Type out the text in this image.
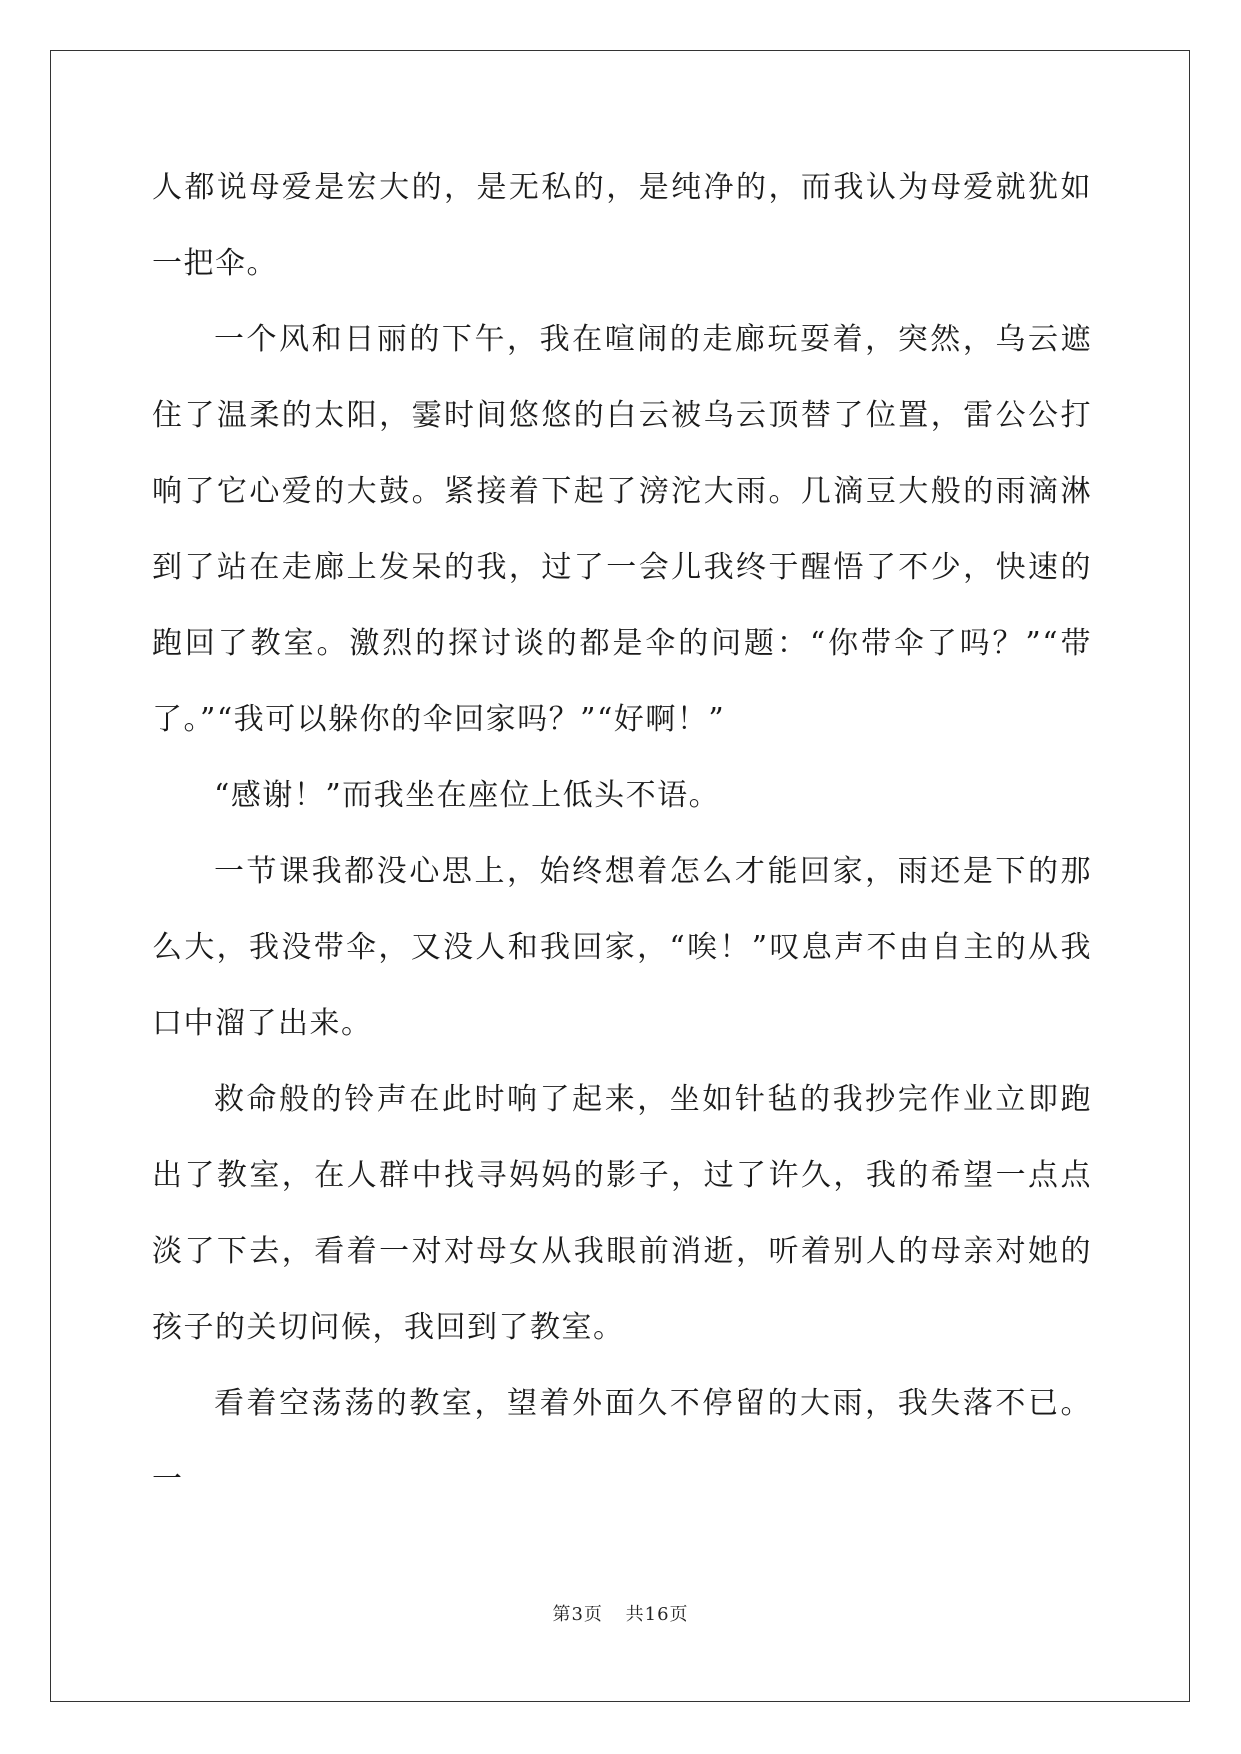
人都说母爱是宏大的，是无私的，是纯净的，而我认为母爱就犹如一把伞。

一个风和日丽的下午，我在喧闹的走廊玩耍着，突然，乌云遮住了温柔的太阳，霎时间悠悠的白云被乌云顶替了位置，雷公公打响了它心爱的大鼓。紧接着下起了滂沱大雨。几滴豆大般的雨滴淋到了站在走廊上发呆的我，过了一会儿我终于醒悟了不少，快速的跑回了教室。激烈的探讨谈的都是伞的问题：“你带伞了吗？”“带了。”“我可以躲你的伞回家吗？”“好啊！”

“感谢！”而我坐在座位上低头不语。

一节课我都没心思上，始终想着怎么才能回家，雨还是下的那么大，我没带伞，又没人和我回家，“唉！”叹息声不由自主的从我口中溜了出来。

救命般的铃声在此时响了起来，坐如针毡的我抄完作业立即跑出了教室，在人群中找寻妈妈的影子，过了许久，我的希望一点点淡了下去，看着一对对母女从我眼前消逝，听着别人的母亲对她的孩子的关切问候，我回到了教室。

看着空荡荡的教室，望着外面久不停留的大雨，我失落不已。一

第3页 共16页
